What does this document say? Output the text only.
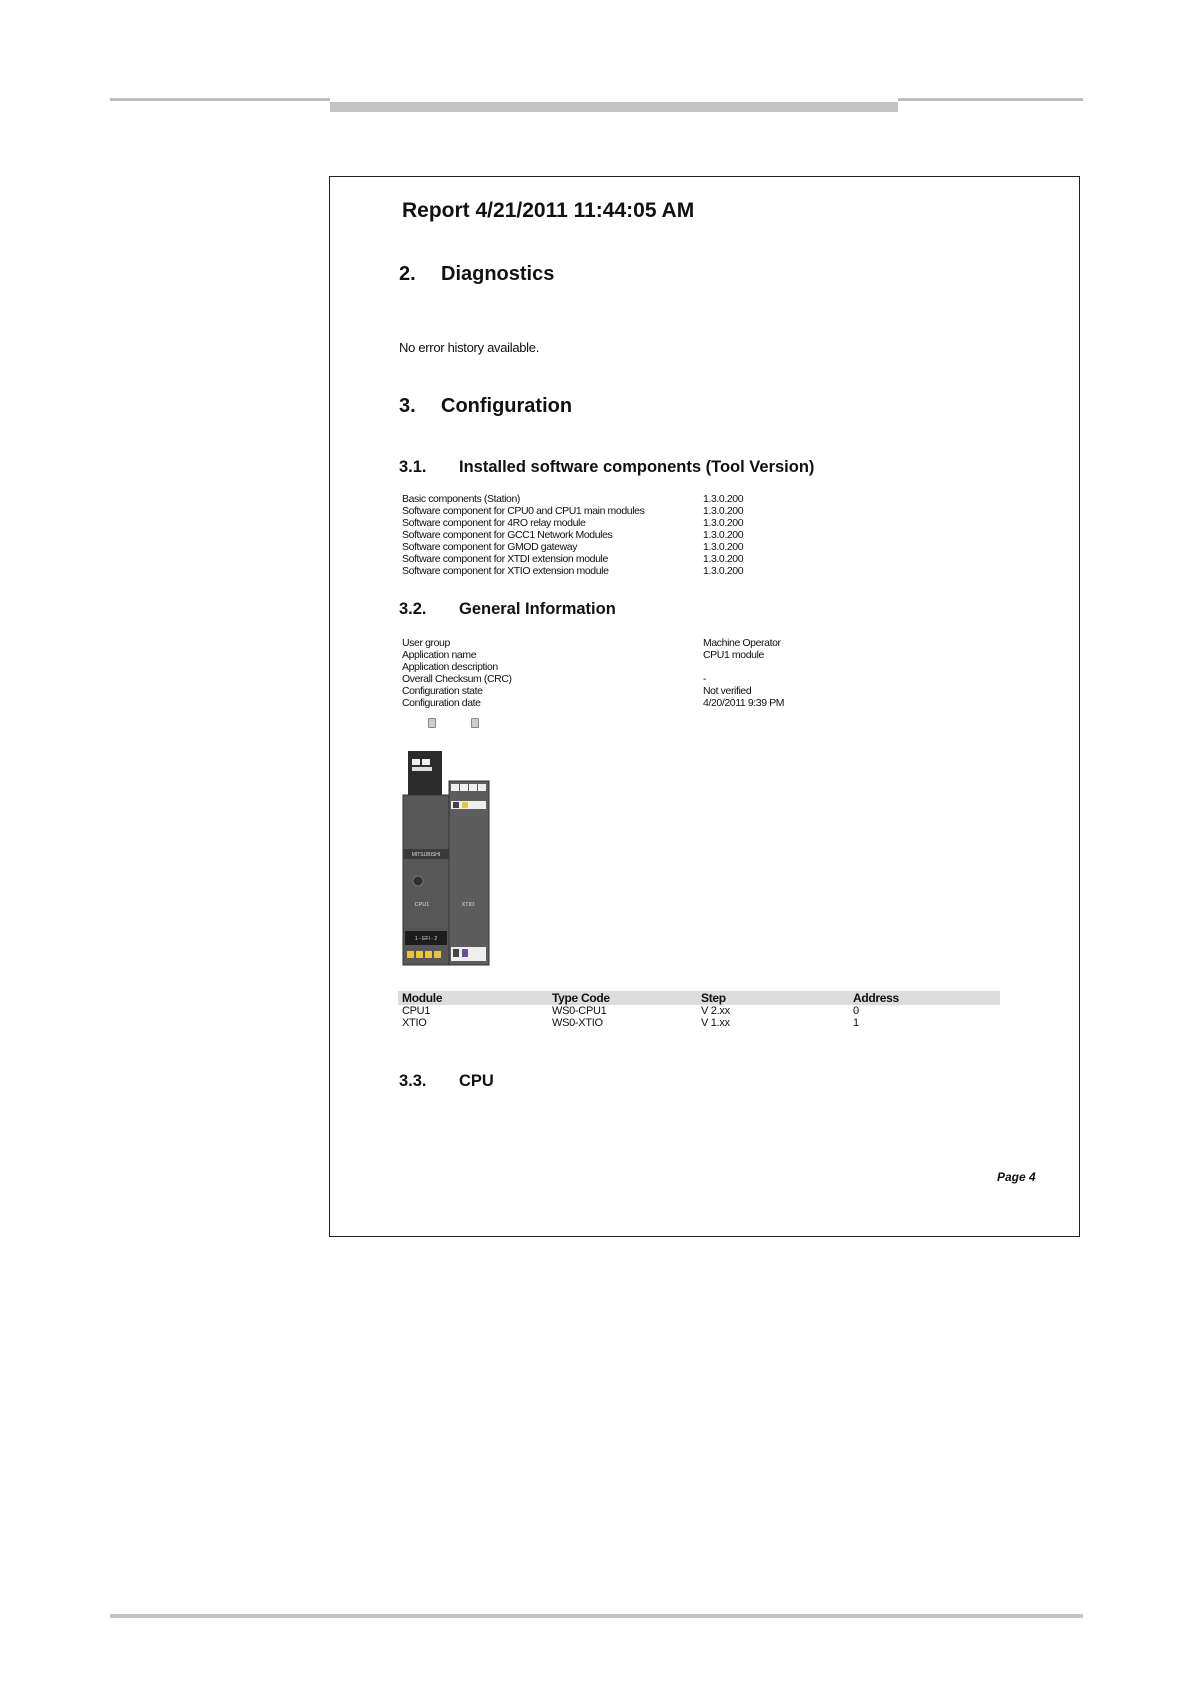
Report 4/21/2011 11:44:05 AM
2. Diagnostics
No error history available.
3. Configuration
3.1. Installed software components (Tool Version)
Basic components (Station)	1.3.0.200
Software component for CPU0 and CPU1 main modules	1.3.0.200
Software component for 4RO relay module	1.3.0.200
Software component for GCC1 Network Modules	1.3.0.200
Software component for GMOD gateway	1.3.0.200
Software component for XTDI extension module	1.3.0.200
Software component for XTIO extension module	1.3.0.200
3.2. General Information
User group	Machine Operator
Application name	CPU1 module
Application description
Overall Checksum (CRC)	-
Configuration state	Not verified
Configuration date	4/20/2011 9:39 PM
MITSUBISHI
CPU1
1 - EFI - 2
XTIO
Module	Type Code	Step	Address
CPU1	WS0-CPU1	V 2.xx	0
XTIO	WS0-XTIO	V 1.xx	1
3.3. CPU
Page 4
